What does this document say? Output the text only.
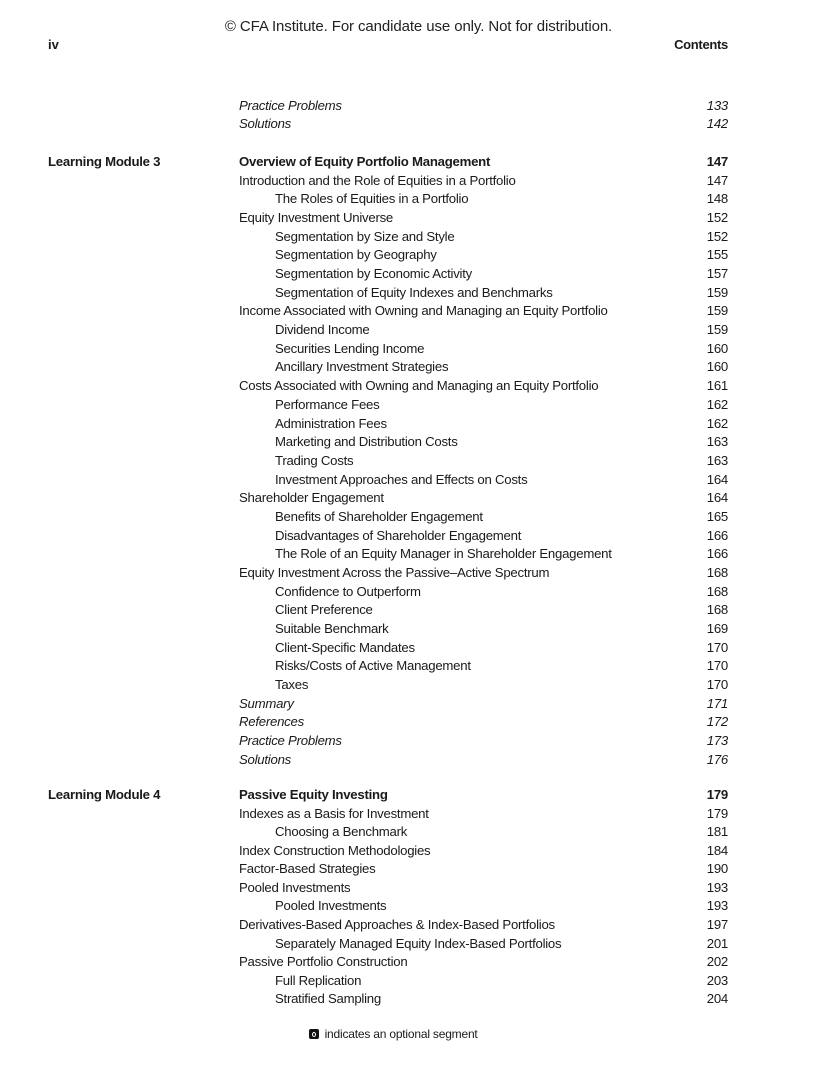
© CFA Institute. For candidate use only. Not for distribution.
iv	Contents
Practice Problems	133
Solutions	142
Learning Module 3	Overview of Equity Portfolio Management	147
Introduction and the Role of Equities in a Portfolio	147
The Roles of Equities in a Portfolio	148
Equity Investment Universe	152
Segmentation by Size and Style	152
Segmentation by Geography	155
Segmentation by Economic Activity	157
Segmentation of Equity Indexes and Benchmarks	159
Income Associated with Owning and Managing an Equity Portfolio	159
Dividend Income	159
Securities Lending Income	160
Ancillary Investment Strategies	160
Costs Associated with Owning and Managing an Equity Portfolio	161
Performance Fees	162
Administration Fees	162
Marketing and Distribution Costs	163
Trading Costs	163
Investment Approaches and Effects on Costs	164
Shareholder Engagement	164
Benefits of Shareholder Engagement	165
Disadvantages of Shareholder Engagement	166
The Role of an Equity Manager in Shareholder Engagement	166
Equity Investment Across the Passive–Active Spectrum	168
Confidence to Outperform	168
Client Preference	168
Suitable Benchmark	169
Client-Specific Mandates	170
Risks/Costs of Active Management	170
Taxes	170
Summary	171
References	172
Practice Problems	173
Solutions	176
Learning Module 4	Passive Equity Investing	179
Indexes as a Basis for Investment	179
Choosing a Benchmark	181
Index Construction Methodologies	184
Factor-Based Strategies	190
Pooled Investments	193
Pooled Investments	193
Derivatives-Based Approaches & Index-Based Portfolios	197
Separately Managed Equity Index-Based Portfolios	201
Passive Portfolio Construction	202
Full Replication	203
Stratified Sampling	204
indicates an optional segment
